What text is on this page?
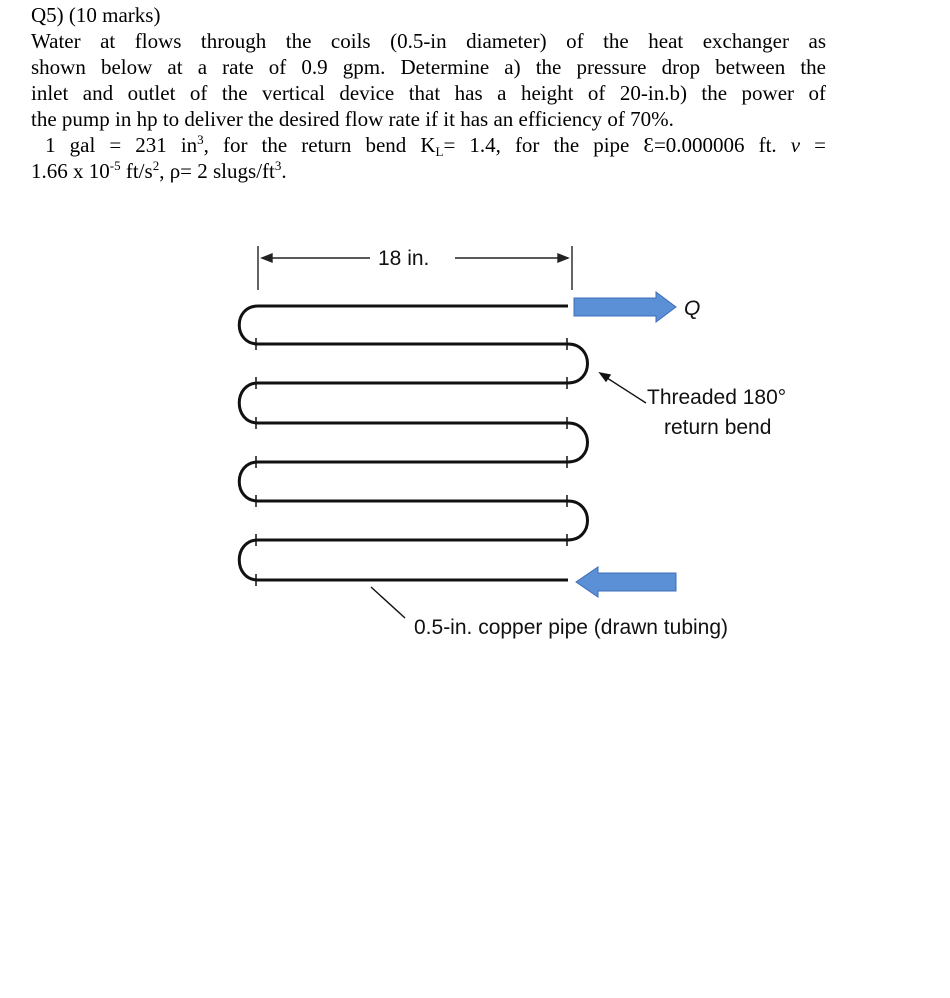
Q5) (10 marks)

Water at flows through the coils (0.5-in diameter) of the heat exchanger as

shown below at a rate of 0.9 gpm. Determine a) the pressure drop between the

inlet and outlet of the vertical device that has a height of 20-in.b) the power of

the pump in hp to deliver the desired flow rate if it has an efficiency of 70%.

1 gal = 231 $in^3$, for the return bend $K_L= 1.4$, for the pipe Ɛ=0.000006 ft. ν =

1.66 x $10^{-5}$ $ft/s^2$, ρ= 2 slugs/$ft^3$.

18 in.
Q
Threaded 180°
return bend
0.5-in. copper pipe (drawn tubing)
